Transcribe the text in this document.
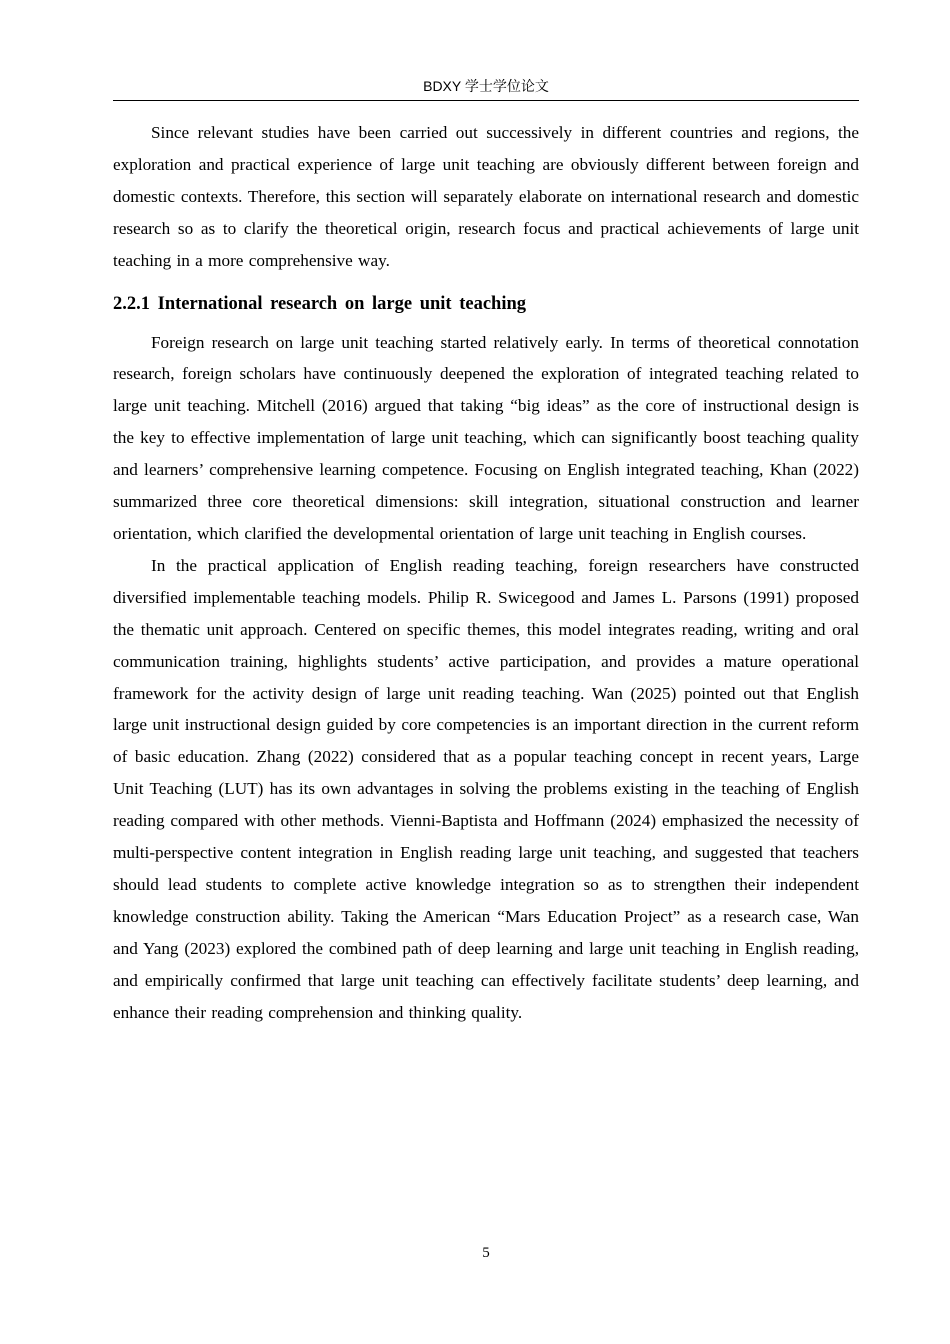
BDXY 学士学位论文

Since relevant studies have been carried out successively in different countries and regions, the exploration and practical experience of large unit teaching are obviously different between foreign and domestic contexts. Therefore, this section will separately elaborate on international research and domestic research so as to clarify the theoretical origin, research focus and practical achievements of large unit teaching in a more comprehensive way.

2.2.1 International research on large unit teaching

Foreign research on large unit teaching started relatively early. In terms of theoretical connotation research, foreign scholars have continuously deepened the exploration of integrated teaching related to large unit teaching. Mitchell (2016) argued that taking “big ideas” as the core of instructional design is the key to effective implementation of large unit teaching, which can significantly boost teaching quality and learners’ comprehensive learning competence. Focusing on English integrated teaching, Khan (2022) summarized three core theoretical dimensions: skill integration, situational construction and learner orientation, which clarified the developmental orientation of large unit teaching in English courses.

In the practical application of English reading teaching, foreign researchers have constructed diversified implementable teaching models. Philip R. Swicegood and James L. Parsons (1991) proposed the thematic unit approach. Centered on specific themes, this model integrates reading, writing and oral communication training, highlights students’ active participation, and provides a mature operational framework for the activity design of large unit reading teaching. Wan (2025) pointed out that English large unit instructional design guided by core competencies is an important direction in the current reform of basic education. Zhang (2022) considered that as a popular teaching concept in recent years, Large Unit Teaching (LUT) has its own advantages in solving the problems existing in the teaching of English reading compared with other methods. Vienni-Baptista and Hoffmann (2024) emphasized the necessity of multi-perspective content integration in English reading large unit teaching, and suggested that teachers should lead students to complete active knowledge integration so as to strengthen their independent knowledge construction ability. Taking the American “Mars Education Project” as a research case, Wan and Yang (2023) explored the combined path of deep learning and large unit teaching in English reading, and empirically confirmed that large unit teaching can effectively facilitate students’ deep learning, and enhance their reading comprehension and thinking quality.

5
